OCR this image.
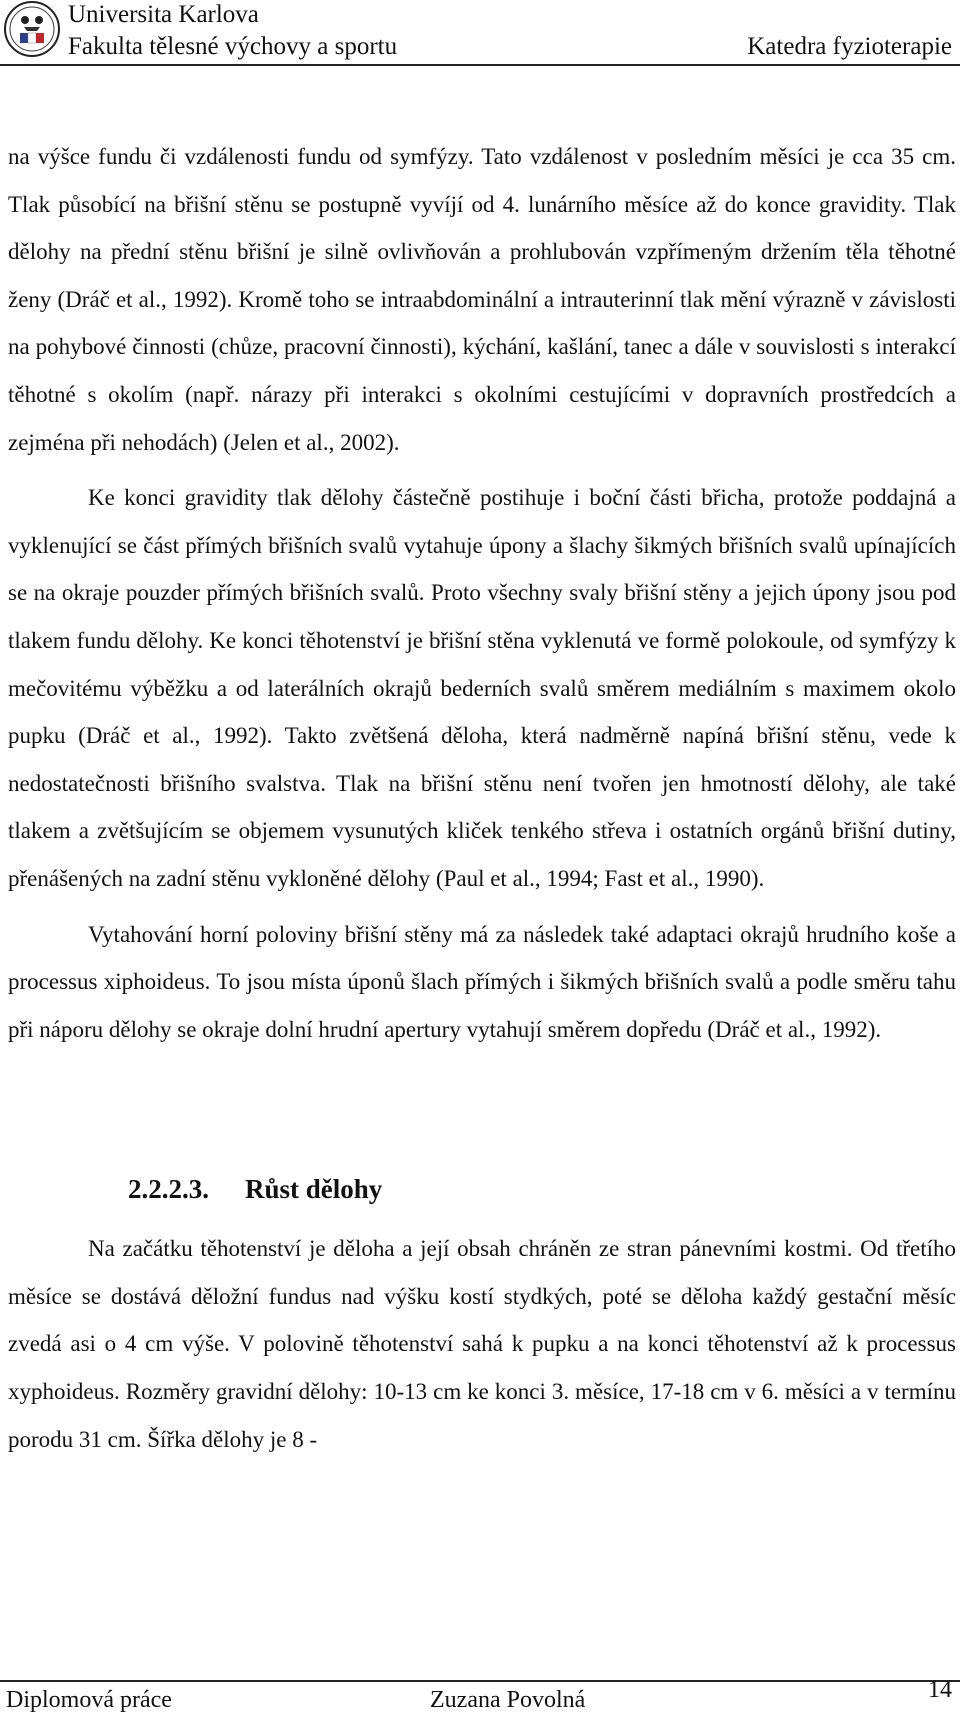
Universita Karlova
Fakulta tělesné výchovy a sportu	Katedra fyzioterapie

na výšce fundu či vzdálenosti fundu od symfýzy. Tato vzdálenost v posledním měsíci je cca 35 cm. Tlak působící na břišní stěnu se postupně vyvíjí od 4. lunárního měsíce až do konce gravidity. Tlak dělohy na přední stěnu břišní je silně ovlivňován a prohlubován vzpřímeným držením těla těhotné ženy (Dráč et al., 1992). Kromě toho se intraabdominální a intrauterinní tlak mění výrazně v závislosti na pohybové činnosti (chůze, pracovní činnosti), kýchání, kašlání, tanec a dále v souvislosti s interakcí těhotné s okolím (např. nárazy při interakci s okolními cestujícími v dopravních prostředcích a zejména při nehodách) (Jelen et al., 2002).

Ke konci gravidity tlak dělohy částečně postihuje i boční části břicha, protože poddajná a vyklenující se část přímých břišních svalů vytahuje úpony a šlachy šikmých břišních svalů upínajících se na okraje pouzder přímých břišních svalů. Proto všechny svaly břišní stěny a jejich úpony jsou pod tlakem fundu dělohy. Ke konci těhotenství je břišní stěna vyklenutá ve formě polokoule, od symfýzy k mečovitému výběžku a od laterálních okrajů bederních svalů směrem mediálním s maximem okolo pupku (Dráč et al., 1992). Takto zvětšená děloha, která nadměrně napíná břišní stěnu, vede k nedostatečnosti břišního svalstva. Tlak na břišní stěnu není tvořen jen hmotností dělohy, ale také tlakem a zvětšujícím se objemem vysunutých kliček tenkého střeva i ostatních orgánů břišní dutiny, přenášených na zadní stěnu vykloněné dělohy (Paul et al., 1994; Fast et al., 1990).

Vytahování horní poloviny břišní stěny má za následek také adaptaci okrajů hrudního koše a processus xiphoideus. To jsou místa úponů šlach přímých i šikmých břišních svalů a podle směru tahu při náporu dělohy se okraje dolní hrudní apertury vytahují směrem dopředu (Dráč et al., 1992).

2.2.2.3. Růst dělohy

Na začátku těhotenství je děloha a její obsah chráněn ze stran pánevními kostmi. Od třetího měsíce se dostává děložní fundus nad výšku kostí stydkých, poté se děloha každý gestační měsíc zvedá asi o 4 cm výše. V polovině těhotenství sahá k pupku a na konci těhotenství až k processus xyphoideus. Rozměry gravidní dělohy: 10-13 cm ke konci 3. měsíce, 17-18 cm v 6. měsíci a v termínu porodu 31 cm. Šířka dělohy je 8 -

Diplomová práce	Zuzana Povolná	14
